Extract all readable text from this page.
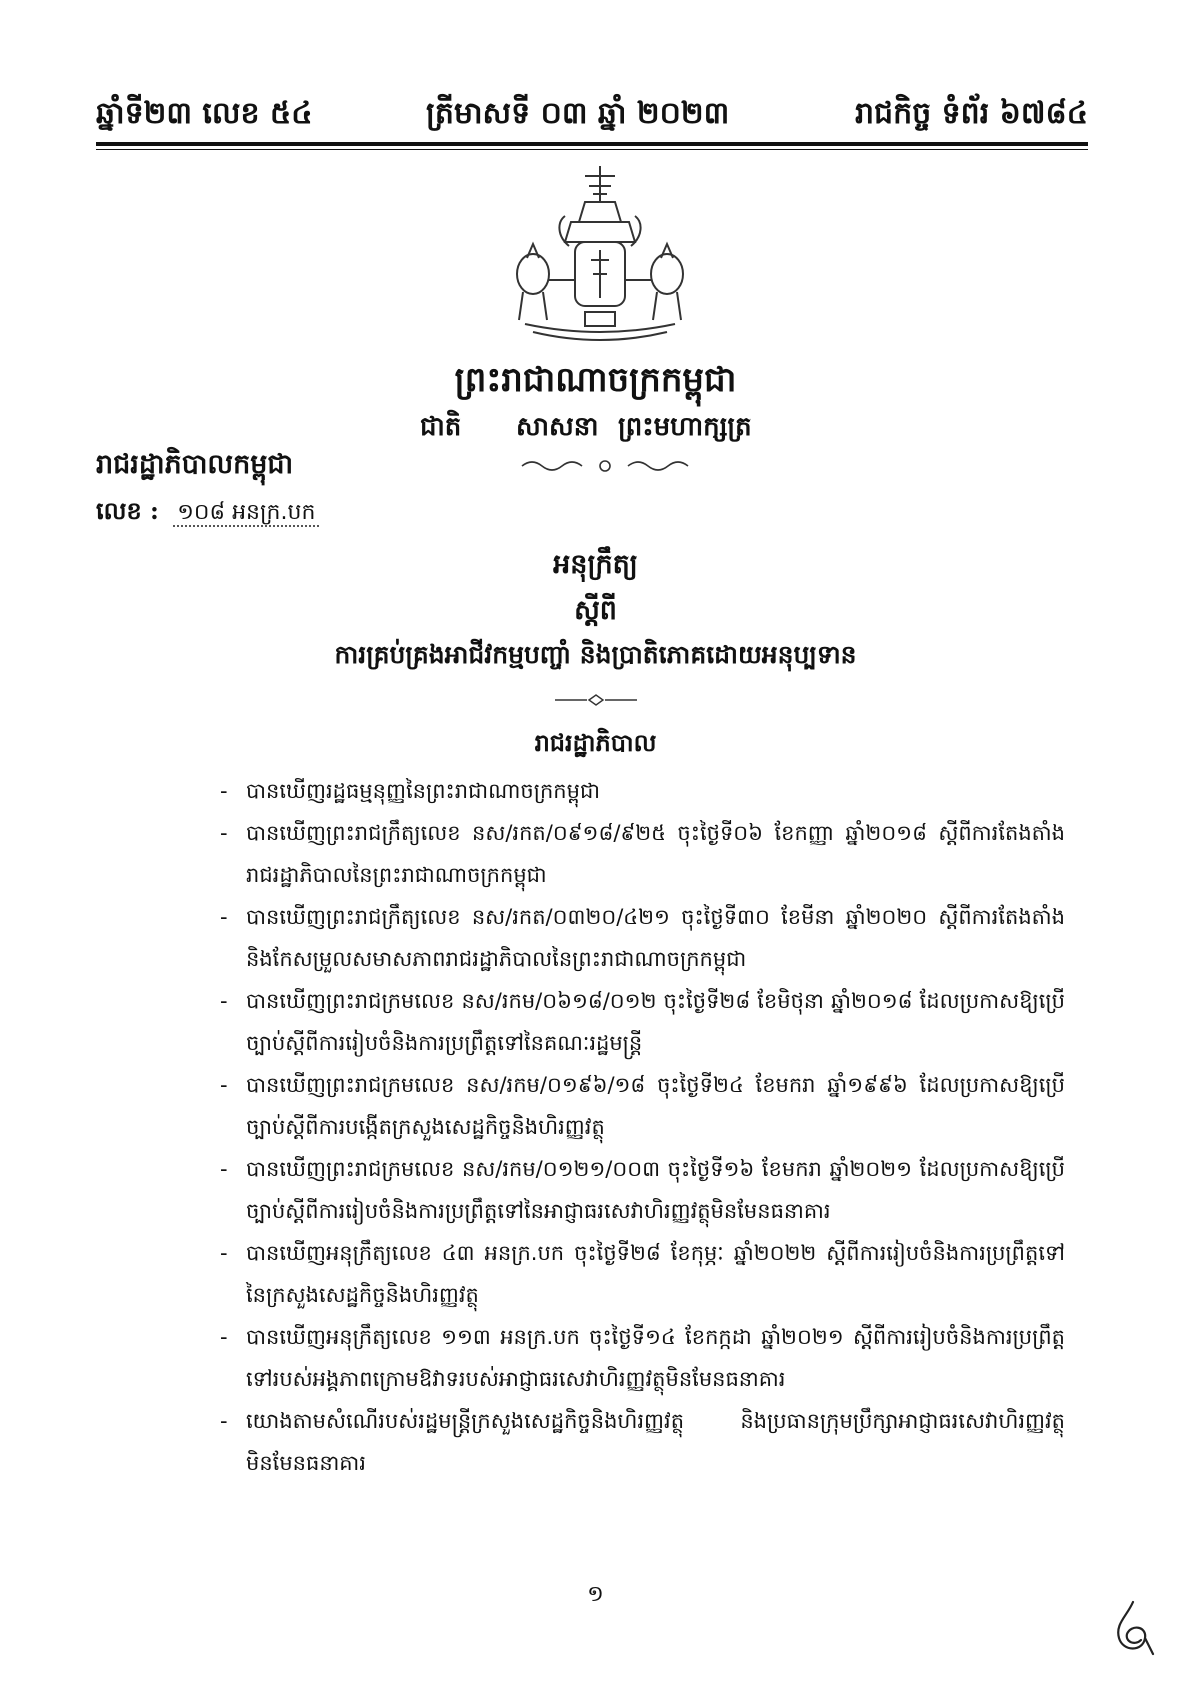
ឆ្នាំទី២៣ លេខ ៥៤	ត្រីមាសទី ០៣ ឆ្នាំ ២០២៣	រាជកិច្ច ទំព័រ ៦៧៨៤
ព្រះរាជាណាចក្រកម្ពុជា
ជាតិ សាសនា ព្រះមហាក្សត្រ
រាជរដ្ឋាភិបាលកម្ពុជា
លេខ : ១០៨ អនក្រ.បក
អនុក្រឹត្យ
ស្ដីពី
ការគ្រប់គ្រងអាជីវកម្មបញ្ចាំ និងប្រាតិភោគដោយអនុប្បទាន
រាជរដ្ឋាភិបាល
- បានឃើញរដ្ឋធម្មនុញ្ញនៃព្រះរាជាណាចក្រកម្ពុជា
- បានឃើញព្រះរាជក្រឹត្យលេខ នស/រកត/០៩១៨/៩២៥ ចុះថ្ងៃទី០៦ ខែកញ្ញា ឆ្នាំ២០១៨ ស្ដីពីការតែងតាំងរាជរដ្ឋាភិបាលនៃព្រះរាជាណាចក្រកម្ពុជា
- បានឃើញព្រះរាជក្រឹត្យលេខ នស/រកត/០៣២០/៤២១ ចុះថ្ងៃទី៣០ ខែមីនា ឆ្នាំ២០២០ ស្ដីពីការតែងតាំង និងកែសម្រួលសមាសភាពរាជរដ្ឋាភិបាលនៃព្រះរាជាណាចក្រកម្ពុជា
- បានឃើញព្រះរាជក្រមលេខ នស/រកម/០៦១៨/០១២ ចុះថ្ងៃទី២៨ ខែមិថុនា ឆ្នាំ២០១៨ ដែលប្រកាសឱ្យប្រើច្បាប់ស្ដីពីការរៀបចំនិងការប្រព្រឹត្តទៅនៃគណៈរដ្ឋមន្ត្រី
- បានឃើញព្រះរាជក្រមលេខ នស/រកម/០១៩៦/១៨ ចុះថ្ងៃទី២៤ ខែមករា ឆ្នាំ១៩៩៦ ដែលប្រកាសឱ្យប្រើច្បាប់ស្ដីពីការបង្កើតក្រសួងសេដ្ឋកិច្ចនិងហិរញ្ញវត្ថុ
- បានឃើញព្រះរាជក្រមលេខ នស/រកម/០១២១/០០៣ ចុះថ្ងៃទី១៦ ខែមករា ឆ្នាំ២០២១ ដែលប្រកាសឱ្យប្រើច្បាប់ស្ដីពីការរៀបចំនិងការប្រព្រឹត្តទៅនៃអាជ្ញាធរសេវាហិរញ្ញវត្ថុមិនមែនធនាគារ
- បានឃើញអនុក្រឹត្យលេខ ៤៣ អនក្រ.បក ចុះថ្ងៃទី២៨ ខែកុម្ភៈ ឆ្នាំ២០២២ ស្ដីពីការរៀបចំនិងការប្រព្រឹត្តទៅនៃក្រសួងសេដ្ឋកិច្ចនិងហិរញ្ញវត្ថុ
- បានឃើញអនុក្រឹត្យលេខ ១១៣ អនក្រ.បក ចុះថ្ងៃទី១៤ ខែកក្កដា ឆ្នាំ២០២១ ស្ដីពីការរៀបចំនិងការប្រព្រឹត្តទៅរបស់អង្គភាពក្រោមឱវាទរបស់អាជ្ញាធរសេវាហិរញ្ញវត្ថុមិនមែនធនាគារ
- យោងតាមសំណើរបស់រដ្ឋមន្ត្រីក្រសួងសេដ្ឋកិច្ចនិងហិរញ្ញវត្ថុ និងប្រធានក្រុមប្រឹក្សាអាជ្ញាធរសេវាហិរញ្ញវត្ថុមិនមែនធនាគារ
១
